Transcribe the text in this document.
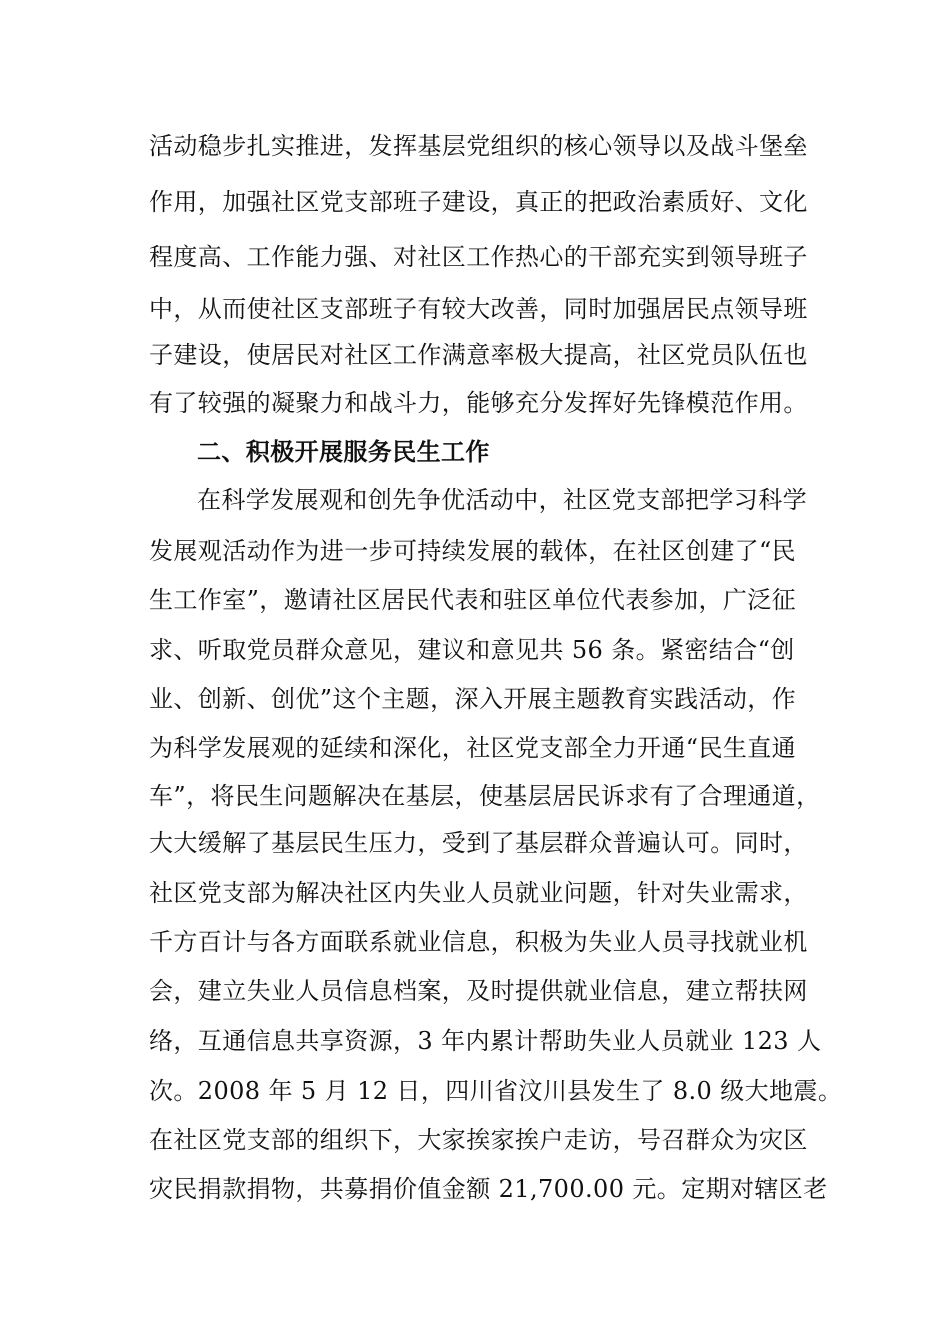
活动稳步扎实推进，发挥基层党组织的核心领导以及战斗堡垒
作用，加强社区党支部班子建设，真正的把政治素质好、文化
程度高、工作能力强、对社区工作热心的干部充实到领导班子
中，从而使社区支部班子有较大改善，同时加强居民点领导班
子建设，使居民对社区工作满意率极大提高，社区党员队伍也
有了较强的凝聚力和战斗力，能够充分发挥好先锋模范作用。
二、积极开展服务民生工作
在科学发展观和创先争优活动中，社区党支部把学习科学
发展观活动作为进一步可持续发展的载体，在社区创建了“民
生工作室”，邀请社区居民代表和驻区单位代表参加，广泛征
求、听取党员群众意见，建议和意见共 56 条。紧密结合“创
业、创新、创优”这个主题，深入开展主题教育实践活动，作
为科学发展观的延续和深化，社区党支部全力开通“民生直通
车”，将民生问题解决在基层，使基层居民诉求有了合理通道，
大大缓解了基层民生压力，受到了基层群众普遍认可。同时，
社区党支部为解决社区内失业人员就业问题，针对失业需求，
千方百计与各方面联系就业信息，积极为失业人员寻找就业机
会，建立失业人员信息档案，及时提供就业信息，建立帮扶网
络，互通信息共享资源，3 年内累计帮助失业人员就业 123 人
次。2008 年 5 月 12 日，四川省汶川县发生了 8.0 级大地震。
在社区党支部的组织下，大家挨家挨户走访，号召群众为灾区
灾民捐款捐物，共募捐价值金额 21,700.00 元。定期对辖区老
